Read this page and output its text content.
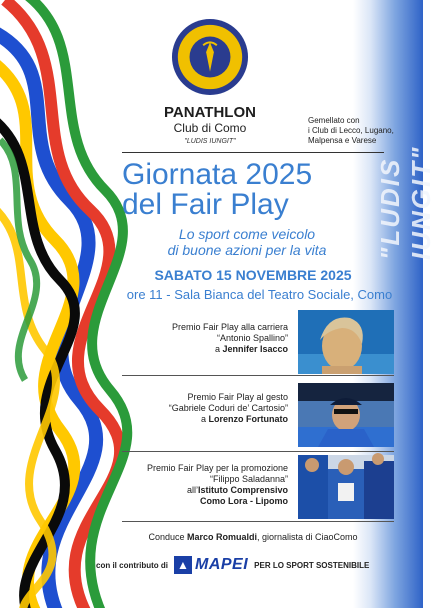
"LUDIS IUNGIT"
PANATHLON
Club di Como
"LUDIS IUNGIT"
Gemellato con
i Club di Lecco, Lugano,
Malpensa e Varese
Giornata 2025
del Fair Play
Lo sport come veicolo
di buone azioni per la vita
SABATO 15 NOVEMBRE 2025
ore 11 - Sala Bianca del Teatro Sociale, Como
Premio Fair Play alla carriera
“Antonio Spallino”
a Jennifer Isacco
Premio Fair Play al gesto
“Gabriele Coduri de’ Cartosio”
a Lorenzo Fortunato
Premio Fair Play per la promozione
“Filippo Saladanna”
all’Istituto Comprensivo
Como Lora - Lipomo
Conduce Marco Romualdi, giornalista di CiaoComo
con il contributo di ▲ MAPEI PER LO SPORT SOSTENIBILE
